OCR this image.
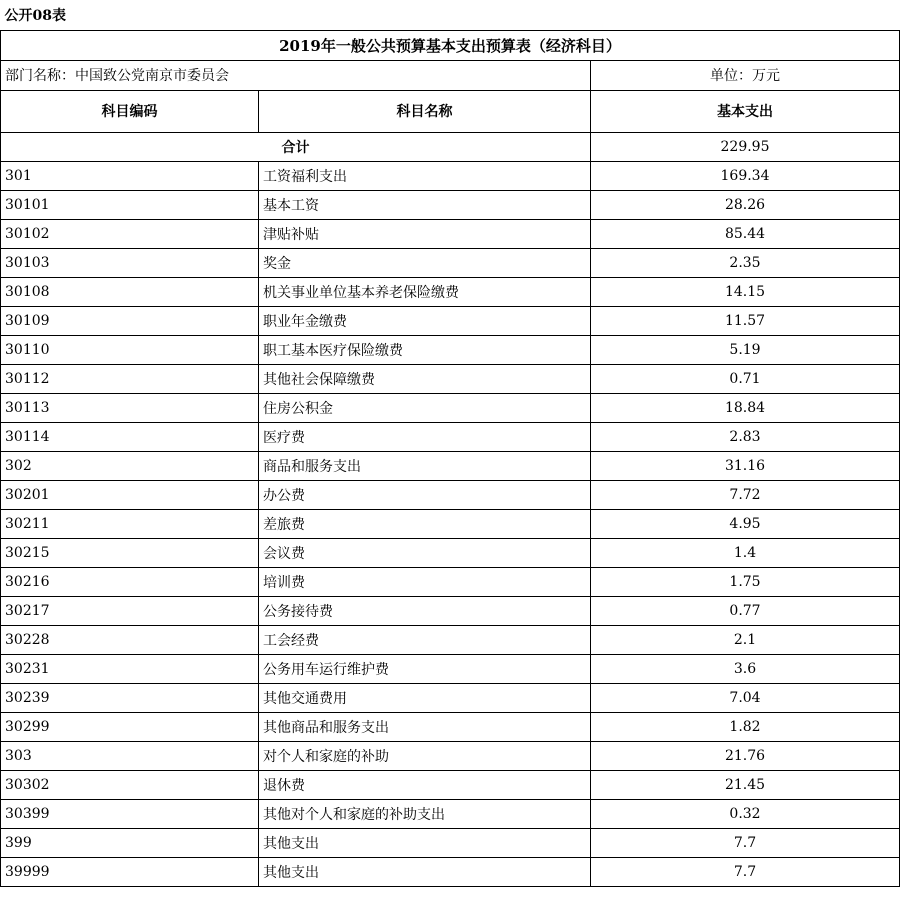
公开08表		
2019年一般公共预算基本支出预算表（经济科目）		
部门名称：中国致公党南京市委员会		单位：万元
科目编码	科目名称	基本支出
合计		229.95
301	工资福利支出	169.34
30101	基本工资	28.26
30102	津贴补贴	85.44
30103	奖金	2.35
30108	机关事业单位基本养老保险缴费	14.15
30109	职业年金缴费	11.57
30110	职工基本医疗保险缴费	5.19
30112	其他社会保障缴费	0.71
30113	住房公积金	18.84
30114	医疗费	2.83
302	商品和服务支出	31.16
30201	办公费	7.72
30211	差旅费	4.95
30215	会议费	1.4
30216	培训费	1.75
30217	公务接待费	0.77
30228	工会经费	2.1
30231	公务用车运行维护费	3.6
30239	其他交通费用	7.04
30299	其他商品和服务支出	1.82
303	对个人和家庭的补助	21.76
30302	退休费	21.45
30399	其他对个人和家庭的补助支出	0.32
399	其他支出	7.7
39999	其他支出	7.7
